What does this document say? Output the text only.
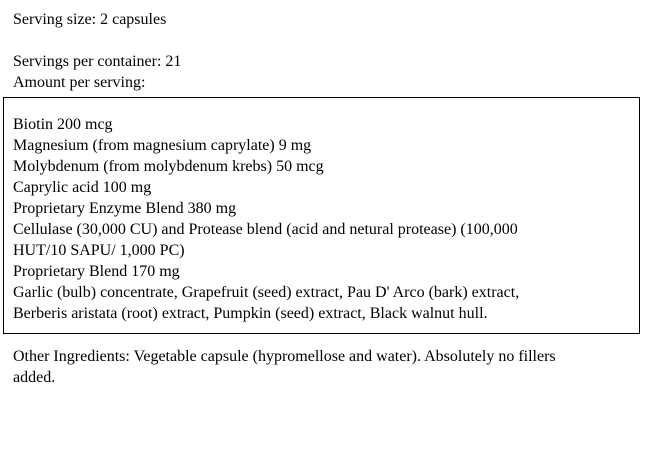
Serving size: 2 capsules
Servings per container: 21
Amount per serving:
Biotin 200 mcg
Magnesium (from magnesium caprylate) 9 mg
Molybdenum (from molybdenum krebs) 50 mcg
Caprylic acid 100 mg
Proprietary Enzyme Blend 380 mg
Cellulase (30,000 CU) and Protease blend (acid and netural protease) (100,000
HUT/10 SAPU/ 1,000 PC)
Proprietary Blend 170 mg
Garlic (bulb) concentrate, Grapefruit (seed) extract, Pau D' Arco (bark) extract,
Berberis aristata (root) extract, Pumpkin (seed) extract, Black walnut hull.
Other Ingredients: Vegetable capsule (hypromellose and water). Absolutely no fillers
added.
